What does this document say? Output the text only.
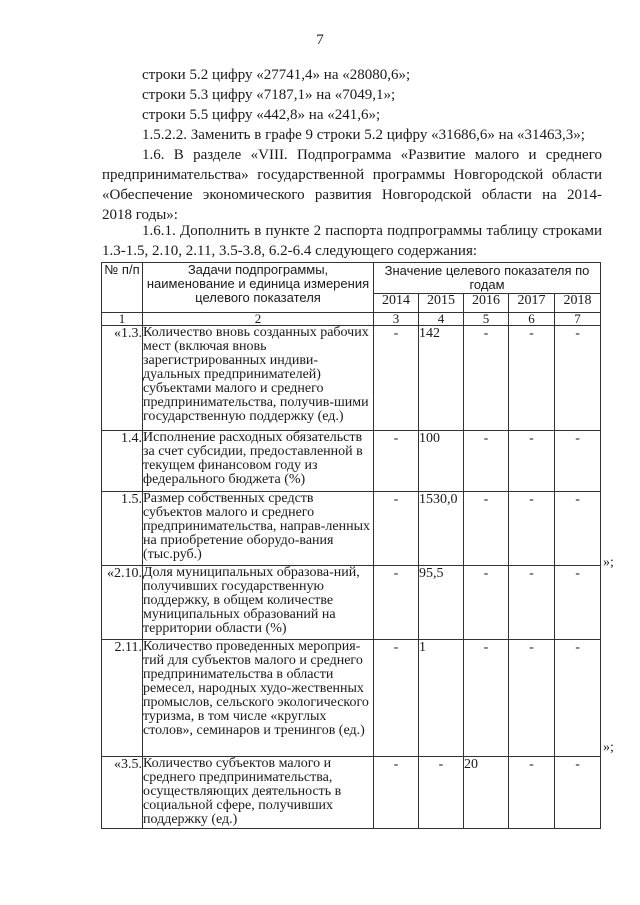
7
строки 5.2 цифру «27741,4» на «28080,6»;
строки 5.3 цифру «7187,1» на «7049,1»;
строки 5.5 цифру «442,8» на «241,6»;
1.5.2.2. Заменить в графе 9 строки 5.2 цифру «31686,6» на «31463,3»;
1.6. В разделе «VIII. Подпрограмма «Развитие малого и среднего
предпринимательства» государственной программы Новгородской области
«Обеспечение экономического развития Новгородской области на 2014-
2018 годы»:
1.6.1. Дополнить в пункте 2 паспорта подпрограммы таблицу строками
1.3-1.5, 2.10, 2.11, 3.5-3.8, 6.2-6.4 следующего содержания:
№ п/п	Задачи подпрограммы, наименование и единица измерения целевого показателя	Значение целевого показателя по годам				
		2014	2015	2016	2017	2018
1	2	3	4	5	6	7
«1.3.	Количество вновь созданных рабочих мест (включая вновь зарегистрированных индиви-дуальных предпринимателей) субъектами малого и среднего предпринимательства, получив-шими государственную поддержку (ед.)	-	142	-	-	-
1.4.	Исполнение расходных обязательств за счет субсидии, предоставленной в текущем финансовом году из федерального бюджета (%)	-	100	-	-	-
1.5.	Размер собственных средств субъектов малого и среднего предпринимательства, направ-ленных на приобретение оборудо-вания (тыс.руб.)	-	1530,0	-	-	-
«2.10.	Доля муниципальных образова-ний, получивших государственную поддержку, в общем количестве муниципальных образований на территории области (%)	-	95,5	-	-	-
2.11.	Количество проведенных мероприя-тий для субъектов малого и среднего предпринимательства в области ремесел, народных худо-жественных промыслов, сельского экологического туризма, в том числе «круглых столов», семинаров и тренингов (ед.)	-	1	-	-	-
«3.5.	Количество субъектов малого и среднего предпринимательства, осуществляющих деятельность в социальной сфере, получивших поддержку (ед.)	-	-	20	-	-
»;
»;
